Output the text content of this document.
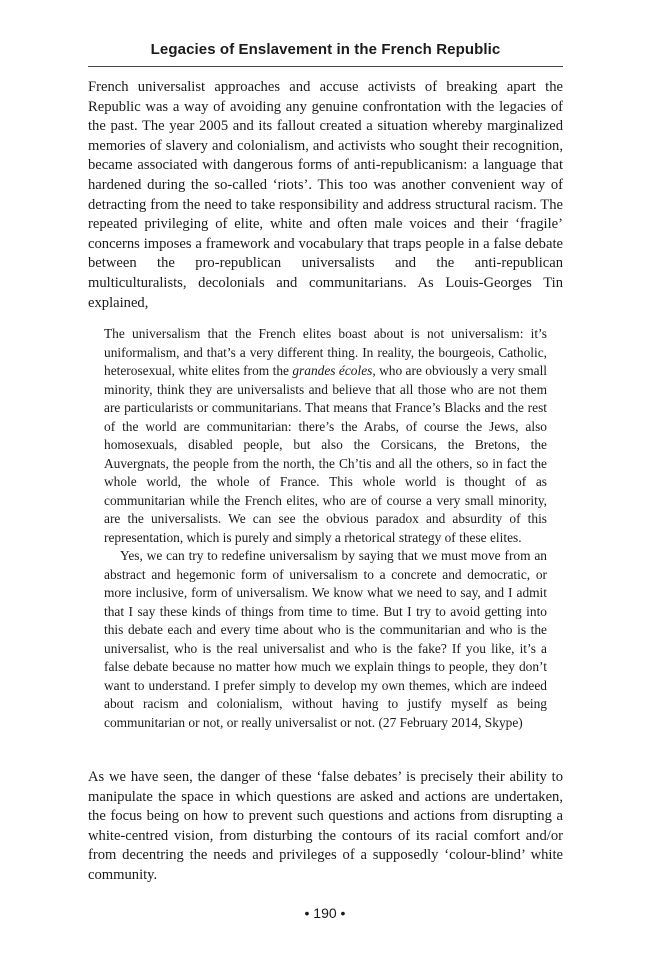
Legacies of Enslavement in the French Republic
French universalist approaches and accuse activists of breaking apart the Republic was a way of avoiding any genuine confrontation with the legacies of the past. The year 2005 and its fallout created a situation whereby marginalized memories of slavery and colonialism, and activists who sought their recognition, became associated with dangerous forms of anti-republicanism: a language that hardened during the so-called ‘riots’. This too was another convenient way of detracting from the need to take responsibility and address structural racism. The repeated privileging of elite, white and often male voices and their ‘fragile’ concerns imposes a framework and vocabulary that traps people in a false debate between the pro-republican universalists and the anti-republican multiculturalists, decolonials and communitarians. As Louis-Georges Tin explained,

The universalism that the French elites boast about is not universalism: it’s uniformalism, and that’s a very different thing. In reality, the bourgeois, Catholic, heterosexual, white elites from the grandes écoles, who are obviously a very small minority, think they are universalists and believe that all those who are not them are particularists or communitarians. That means that France’s Blacks and the rest of the world are communitarian: there’s the Arabs, of course the Jews, also homosexuals, disabled people, but also the Corsicans, the Bretons, the Auvergnats, the people from the north, the Ch’tis and all the others, so in fact the whole world, the whole of France. This whole world is thought of as communitarian while the French elites, who are of course a very small minority, are the universalists. We can see the obvious paradox and absurdity of this representation, which is purely and simply a rhetorical strategy of these elites.

Yes, we can try to redefine universalism by saying that we must move from an abstract and hegemonic form of universalism to a concrete and democratic, or more inclusive, form of universalism. We know what we need to say, and I admit that I say these kinds of things from time to time. But I try to avoid getting into this debate each and every time about who is the communitarian and who is the universalist, who is the real universalist and who is the fake? If you like, it’s a false debate because no matter how much we explain things to people, they don’t want to understand. I prefer simply to develop my own themes, which are indeed about racism and colonialism, without having to justify myself as being communitarian or not, or really universalist or not. (27 February 2014, Skype)

As we have seen, the danger of these ‘false debates’ is precisely their ability to manipulate the space in which questions are asked and actions are undertaken, the focus being on how to prevent such questions and actions from disrupting a white-centred vision, from disturbing the contours of its racial comfort and/or from decentring the needs and privileges of a supposedly ‘colour-blind’ white community.
• 190 •
